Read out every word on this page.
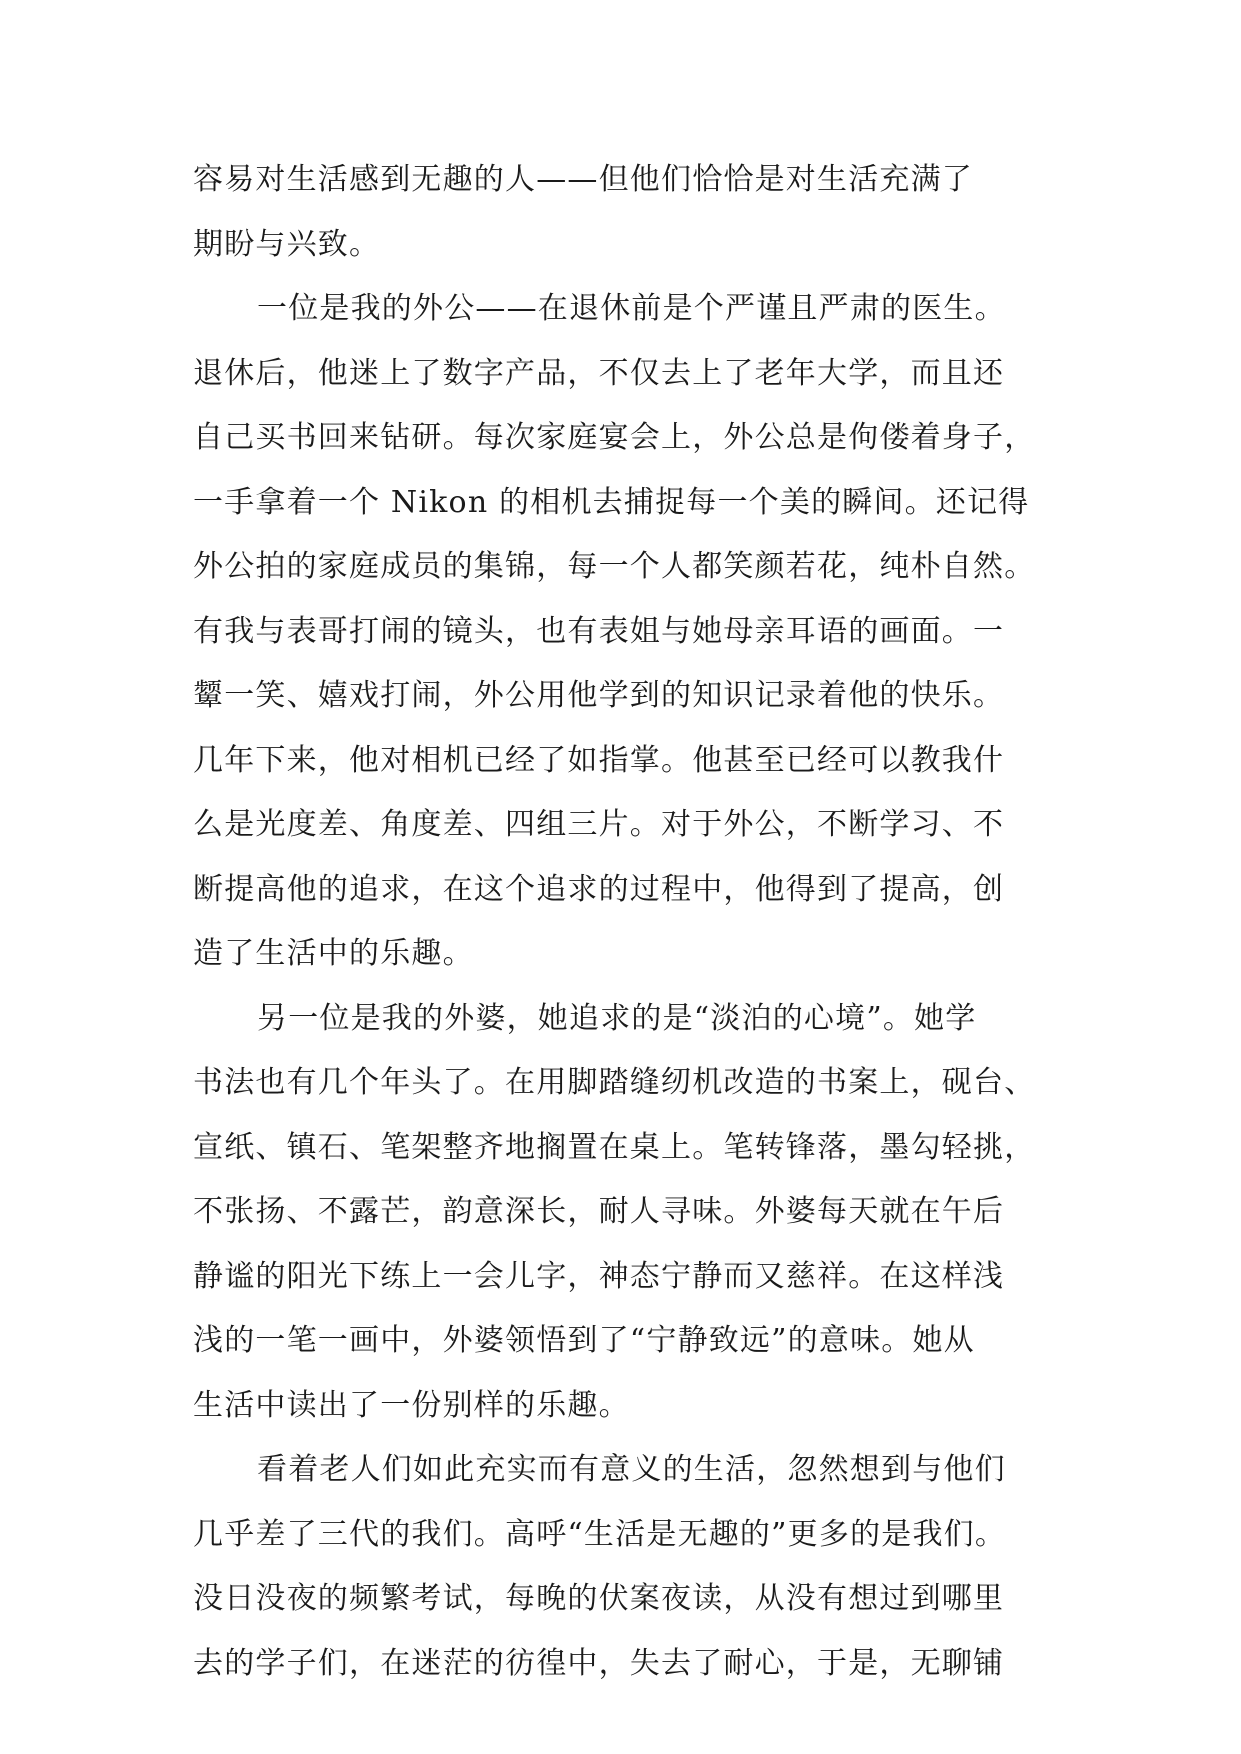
容易对生活感到无趣的人——但他们恰恰是对生活充满了
期盼与兴致。
一位是我的外公——在退休前是个严谨且严肃的医生。
退休后，他迷上了数字产品，不仅去上了老年大学，而且还
自己买书回来钻研。每次家庭宴会上，外公总是佝偻着身子，
一手拿着一个 Nikon 的相机去捕捉每一个美的瞬间。还记得
外公拍的家庭成员的集锦，每一个人都笑颜若花，纯朴自然。
有我与表哥打闹的镜头，也有表姐与她母亲耳语的画面。一
颦一笑、嬉戏打闹，外公用他学到的知识记录着他的快乐。
几年下来，他对相机已经了如指掌。他甚至已经可以教我什
么是光度差、角度差、四组三片。对于外公，不断学习、不
断提高他的追求，在这个追求的过程中，他得到了提高，创
造了生活中的乐趣。
另一位是我的外婆，她追求的是“淡泊的心境”。她学
书法也有几个年头了。在用脚踏缝纫机改造的书案上，砚台、
宣纸、镇石、笔架整齐地搁置在桌上。笔转锋落，墨勾轻挑，
不张扬、不露芒，韵意深长，耐人寻味。外婆每天就在午后
静谧的阳光下练上一会儿字，神态宁静而又慈祥。在这样浅
浅的一笔一画中，外婆领悟到了“宁静致远”的意味。她从
生活中读出了一份别样的乐趣。
看着老人们如此充实而有意义的生活，忽然想到与他们
几乎差了三代的我们。高呼“生活是无趣的”更多的是我们。
没日没夜的频繁考试，每晚的伏案夜读，从没有想过到哪里
去的学子们，在迷茫的彷徨中，失去了耐心，于是，无聊铺
